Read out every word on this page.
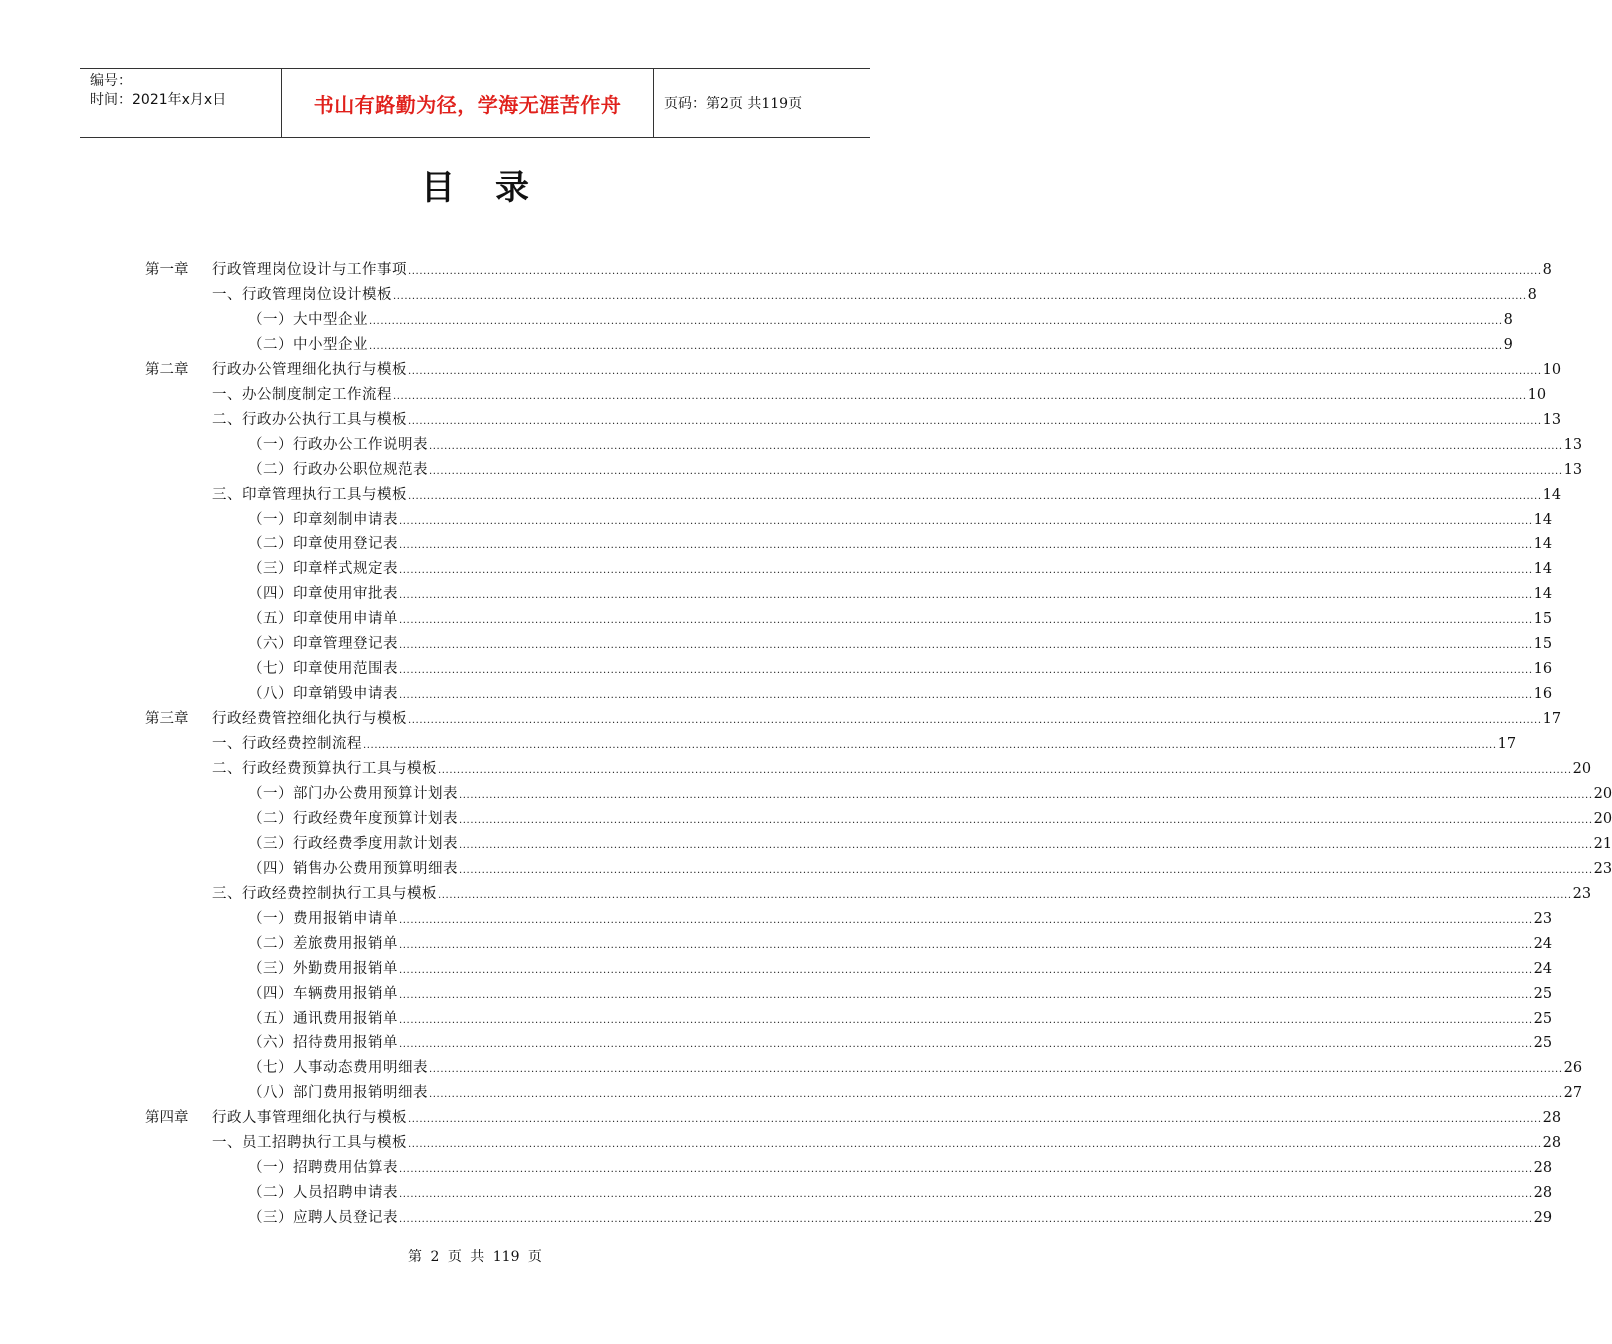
编号：
时间：2021年x月x日	书山有路勤为径，学海无涯苦作舟	页码：第2页 共119页
目录
第一章	行政管理岗位设计与工作事项 ............................................................................................................................................................................................................................................................................................................ 8
一、行政管理岗位设计模板 ............................................................................................................................................................................................................................................................................................................ 8
（一）大中型企业 ............................................................................................................................................................................................................................................................................................................ 8
（二）中小型企业 ............................................................................................................................................................................................................................................................................................................ 9
第二章	行政办公管理细化执行与模板 ............................................................................................................................................................................................................................................................................................................ 10
一、办公制度制定工作流程 ............................................................................................................................................................................................................................................................................................................ 10
二、行政办公执行工具与模板 ............................................................................................................................................................................................................................................................................................................ 13
（一）行政办公工作说明表 ............................................................................................................................................................................................................................................................................................................ 13
（二）行政办公职位规范表 ............................................................................................................................................................................................................................................................................................................ 13
三、印章管理执行工具与模板 ............................................................................................................................................................................................................................................................................................................ 14
（一）印章刻制申请表 ............................................................................................................................................................................................................................................................................................................ 14
（二）印章使用登记表 ............................................................................................................................................................................................................................................................................................................ 14
（三）印章样式规定表 ............................................................................................................................................................................................................................................................................................................ 14
（四）印章使用审批表 ............................................................................................................................................................................................................................................................................................................ 14
（五）印章使用申请单 ............................................................................................................................................................................................................................................................................................................ 15
（六）印章管理登记表 ............................................................................................................................................................................................................................................................................................................ 15
（七）印章使用范围表 ............................................................................................................................................................................................................................................................................................................ 16
（八）印章销毁申请表 ............................................................................................................................................................................................................................................................................................................ 16
第三章	行政经费管控细化执行与模板 ............................................................................................................................................................................................................................................................................................................ 17
一、行政经费控制流程 ............................................................................................................................................................................................................................................................................................................ 17
二、行政经费预算执行工具与模板 ............................................................................................................................................................................................................................................................................................................ 20
（一）部门办公费用预算计划表 ............................................................................................................................................................................................................................................................................................................ 20
（二）行政经费年度预算计划表 ............................................................................................................................................................................................................................................................................................................ 20
（三）行政经费季度用款计划表 ............................................................................................................................................................................................................................................................................................................ 21
（四）销售办公费用预算明细表 ............................................................................................................................................................................................................................................................................................................ 23
三、行政经费控制执行工具与模板 ............................................................................................................................................................................................................................................................................................................ 23
（一）费用报销申请单 ............................................................................................................................................................................................................................................................................................................ 23
（二）差旅费用报销单 ............................................................................................................................................................................................................................................................................................................ 24
（三）外勤费用报销单 ............................................................................................................................................................................................................................................................................................................ 24
（四）车辆费用报销单 ............................................................................................................................................................................................................................................................................................................ 25
（五）通讯费用报销单 ............................................................................................................................................................................................................................................................................................................ 25
（六）招待费用报销单 ............................................................................................................................................................................................................................................................................................................ 25
（七）人事动态费用明细表 ............................................................................................................................................................................................................................................................................................................ 26
（八）部门费用报销明细表 ............................................................................................................................................................................................................................................................................................................ 27
第四章	行政人事管理细化执行与模板 ............................................................................................................................................................................................................................................................................................................ 28
一、员工招聘执行工具与模板 ............................................................................................................................................................................................................................................................................................................ 28
（一）招聘费用估算表 ............................................................................................................................................................................................................................................................................................................ 28
（二）人员招聘申请表 ............................................................................................................................................................................................................................................................................................................ 28
（三）应聘人员登记表 ............................................................................................................................................................................................................................................................................................................ 29
第 2 页 共 119 页
